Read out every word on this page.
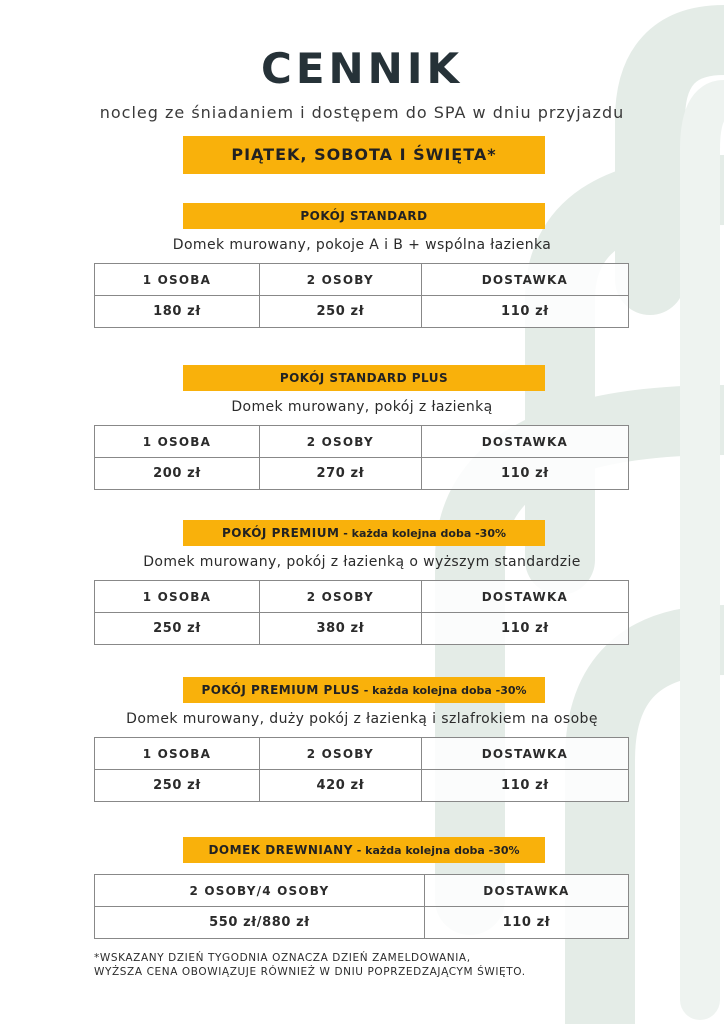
CENNIK
nocleg ze śniadaniem i dostępem do SPA w dniu przyjazdu
PIĄTEK, SOBOTA I ŚWIĘTA*
POKÓJ STANDARD
Domek murowany, pokoje A i B + wspólna łazienka
1 OSOBA	2 OSOBY	DOSTAWKA
180 zł	250 zł	110 zł
POKÓJ STANDARD PLUS
Domek murowany, pokój z łazienką
1 OSOBA	2 OSOBY	DOSTAWKA
200 zł	270 zł	110 zł
POKÓJ PREMIUM - każda kolejna doba -30%
Domek murowany, pokój z łazienką o wyższym standardzie
1 OSOBA	2 OSOBY	DOSTAWKA
250 zł	380 zł	110 zł
POKÓJ PREMIUM PLUS - każda kolejna doba -30%
Domek murowany, duży pokój z łazienką i szlafrokiem na osobę
1 OSOBA	2 OSOBY	DOSTAWKA
250 zł	420 zł	110 zł
DOMEK DREWNIANY - każda kolejna doba -30%
2 OSOBY/4 OSOBY	DOSTAWKA
550 zł/880 zł	110 zł
*WSKAZANY DZIEŃ TYGODNIA OZNACZA DZIEŃ ZAMELDOWANIA,
WYŻSZA CENA OBOWIĄZUJE RÓWNIEŻ W DNIU POPRZEDZAJĄCYM ŚWIĘTO.
